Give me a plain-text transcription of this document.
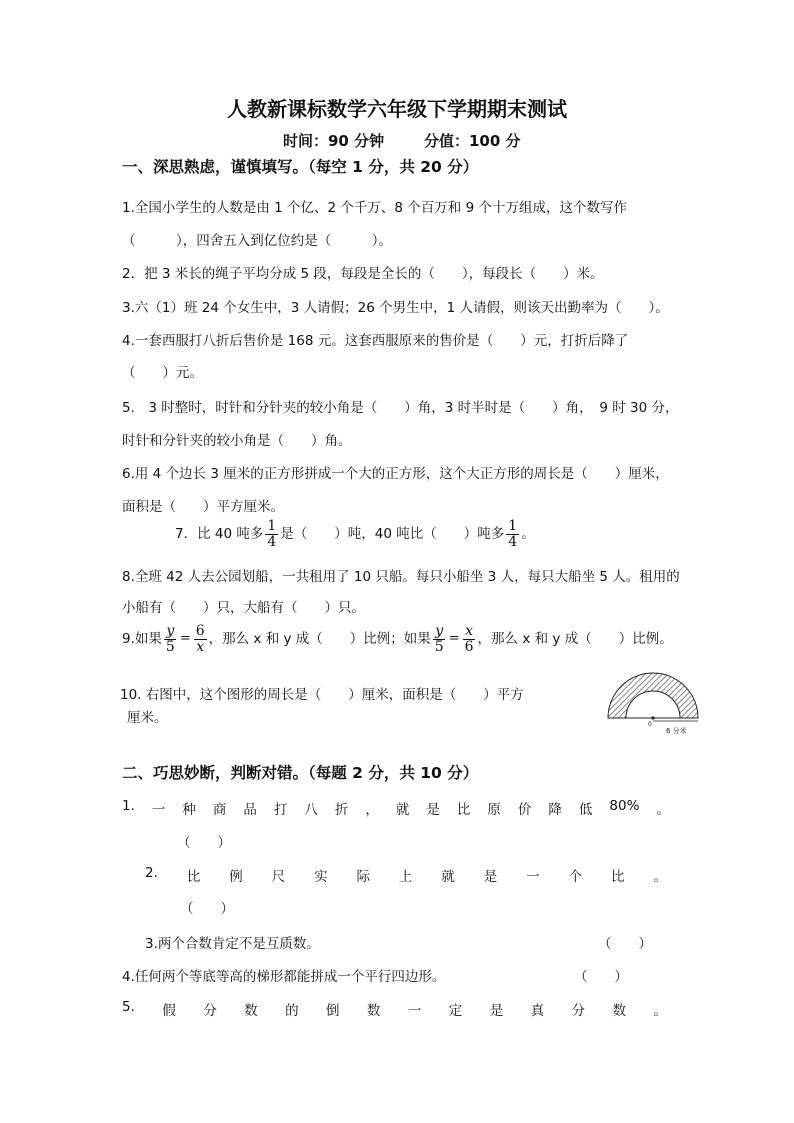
人教新课标数学六年级下学期期末测试
时间：90 分钟	分值：100 分
一、深思熟虑，谨慎填写。（每空 1 分，共 20 分）
1.全国小学生的人数是由 1 个亿、2 个千万、8 个百万和 9 个十万组成，这个数写作
（　　　），四舍五入到亿位约是（　　　）。
2．把 3 米长的绳子平均分成 5 段，每段是全长的（　　），每段长（　　）米。
3.六（1）班 24 个女生中，3 人请假；26 个男生中，1 人请假，则该天出勤率为（　　）。
4.一套西服打八折后售价是 168 元。这套西服原来的售价是（　　）元，打折后降了
（　　）元。
5.　3 时整时，时针和分针夹的较小角是（　　）角，3 时半时是（　　）角，　9 时 30 分，
时针和分针夹的较小角是（　　）角。
6.用 4 个边长 3 厘米的正方形拼成一个大的正方形，这个大正方形的周长是（　　）厘米，
面积是（　　）平方厘米。
7．比 40 吨多 $\frac{1}{4}$ 是（　　）吨，40 吨比（　　）吨多 $\frac{1}{4}$ 。
8.全班 42 人去公园划船，一共租用了 10 只船。每只小船坐 3 人，每只大船坐 5 人。租用的
小船有（　　）只，大船有（　　）只。
9.如果 $\frac{y}{5} = \frac{6}{x}$ ，那么 x 和 y 成（　　）比例；如果 $\frac{y}{5} = \frac{x}{6}$ ，那么 x 和 y 成（　　）比例。
10. 右图中，这个图形的周长是（　　）厘米，面积是（　　）平方
厘米。	0
6 分米
二、巧思妙断，判断对错。（每题 2 分，共 10 分）
1. 一 种 商 品 打 八 折 ， 就 是 比 原 价 降 低 80% 。
（　　）
2. 比 例 尺 实 际 上 就 是 一 个 比 。
（　　）
3.两个合数肯定不是互质数。	（　　）
4.任何两个等底等高的梯形都能拼成一个平行四边形。	（　　）
5. 假 分 数 的 倒 数 一 定 是 真 分 数 。
